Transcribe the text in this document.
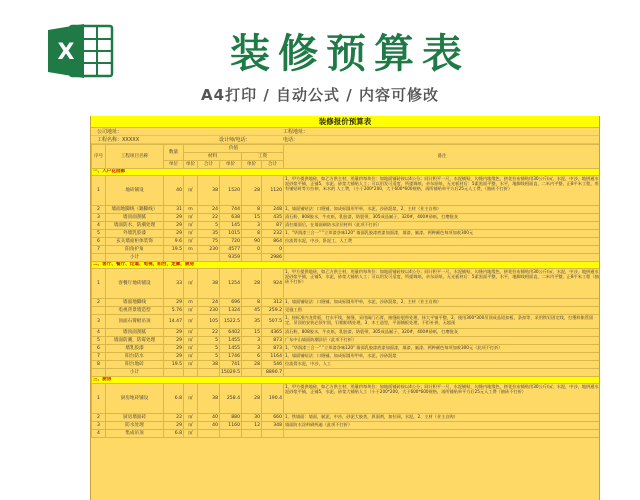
X	装修预算表
A4打印 / 自动公式 / 内容可修改
装修报价预算表
公司地址：	工程地址：
工程名称：XXXXX	设计师/电话：	电话：
序号	工程项目名称	数量	价值					备注
			材料			工资		
		单位	单价	合计	单价	单价	合计	
一、入户花园部								
1	地砖铺设	40	㎡	38	1520	28	1120	1、甲方提供地砖，如乙方供主材，用量约每块位：如地面铺砖按以4公分；同计积平一尺，水泥铺贴，勾缝内地缘色，拼花拉布铺贴用30公斤/㎡，水泥，中沙，地拼通水泥砂浆平铺，正铺5，水泥，砂浆大铺贴人工；可以用发可适度，所提调纸，亲东原纸，无光板材后：5素黑面平整，水平，地脚线相面直，二米内平整，正8平米工程，用有铺贴时等方拉伸，米水的 人工费，（小于200*200，大于600*600规格，再所铺贴单平方后25元人工费，（抽砖不打折）
2	墙面地脚线（踢脚线）	31	m	24	744	8	248	1、墙面铺贴法：口缝铺，如成标圆形甲单，水泥，沙砂混浆，2、主材（业主自购）
3	墙顶面刮腻	29	㎡	22	638	15	435	清石粉，808胶水，牛皮纸，乳胶漆，防裂带，305成品腻子，320#，400#砂纸，打磨批灰
4	墙面防水，防潮处理	29	㎡	5	145	3	87	清扫墙面后，在墙面刷防水涂层材料（此项不打折）
5	外墙乳胶漆	29	㎡	35	1015	8	232	1、"华润漆三合一" "立邦漆净味120" 墙面乳胶漆底漆加面漆，墙漆，腻漆，两种颜色每项加收300元
6	玄关墙面柜体装饰	9.6	㎡	75	720	90	864	拉流膏水泥，中沙，卧泥工，人工费
7	阳角护角	19.5	m	230	4577	0	0	
	小计				9359		2986	
二、客厅、餐厅、过道、电视，阳台，走廊，厨房								
1	客餐厅地砖铺设	33	㎡	38	1254	28	924	1、甲方提供地砖，如乙方供主材，用量约每块位：如地面铺砖按以4公分；同计积平一尺，水泥铺贴，勾缝内地缘色，拼花拉布铺贴用30公斤/㎡，水泥，中沙，地拼通水泥砂浆平铺，正铺5，水泥，砂浆大铺贴人工；可以用发可适度，所提调纸，亲东原纸，无光板材后：5素黑面平整，水平，地脚线相面直，二米内平整，正8平米工程（抽砖不打折）
2	墙面地脚线	29	m	24	696	8	312	1、墙面铺贴法：口缝铺，如成标圆形甲单，水泥，沙砂混浆，2、主材（业主自购）
	电视背景墙造型	5.76	㎡	230	1324	45	259.2	见施工图
3	顶面石膏板吊顶	14.47	㎡	105	1522.5	35	507.5	1、按标准内龙骨板，打水平线，接缝，采用阀门石膏，接缝防裂带处理，抹大平铺平整，2、使用300*300吊顶成品铝扣板，条扣等，采用铁钉固定线，打塑料胀管固定，吊顶的安装必须牢固，钉帽防锈处理，3、木工造型，平面铺板处理，不拒补拼，无超预
4	墙顶面刮腻	29	㎡	22	6402	15	4365	清石粉，808胶水，牛皮纸，乳胶漆，防裂带，305成品腻子，320#，400#砂纸，打磨批灰
5	墙面防潮，防霉处理	29	㎡	5	1455	3	873	广东中山墙面防潮涂层（此项不打折）
6	墙乳胶漆	29	㎡	5	1455	3	873	1、"华润漆三合一" "立邦漆净味120" 墙面乳胶漆底漆加面漆，墙漆，腻漆，两种颜色每项加收300元（此项不打折）
7	阳台防水	29	㎡	5	1746	6	1164	1、墙面铺贴法：口缝铺，如成标圆形甲单，水泥，沙砂混浆
8	阳台地砖	19.5	㎡	38	741	28	546	拉流膏水泥，中沙，人工
	小计				15029.5		8890.7	
三、厨房								
1	厨房地砖铺设	6.8	㎡	38	258.4	28	190.4	1、甲方提供地砖，如乙方供主材，用量约每块位：如地面铺砖按以4公分；同计积平一尺，水泥铺贴，勾缝内地缘色，拼花拉布铺贴用30公斤/㎡，水泥，中沙，地拼通水泥砂浆平铺，正铺5，水泥，砂浆大铺贴人工（小于200*200，大于600*600规格，再所铺贴单平方后25元人工费（抽砖不打折）
2	厨房墙面砖	22	㎡	40	880	30	660	1、铁墙面：墙面，腻泥，中沙，砂泥大胶类，界面剂，加拉网，水泥，2、主材（业主自购）
3	防水处理	29	㎡	40	1160	12	348	墙面防水涂料刷两遍（此项不打折）
4	集成吊顶	6.8	㎡					
